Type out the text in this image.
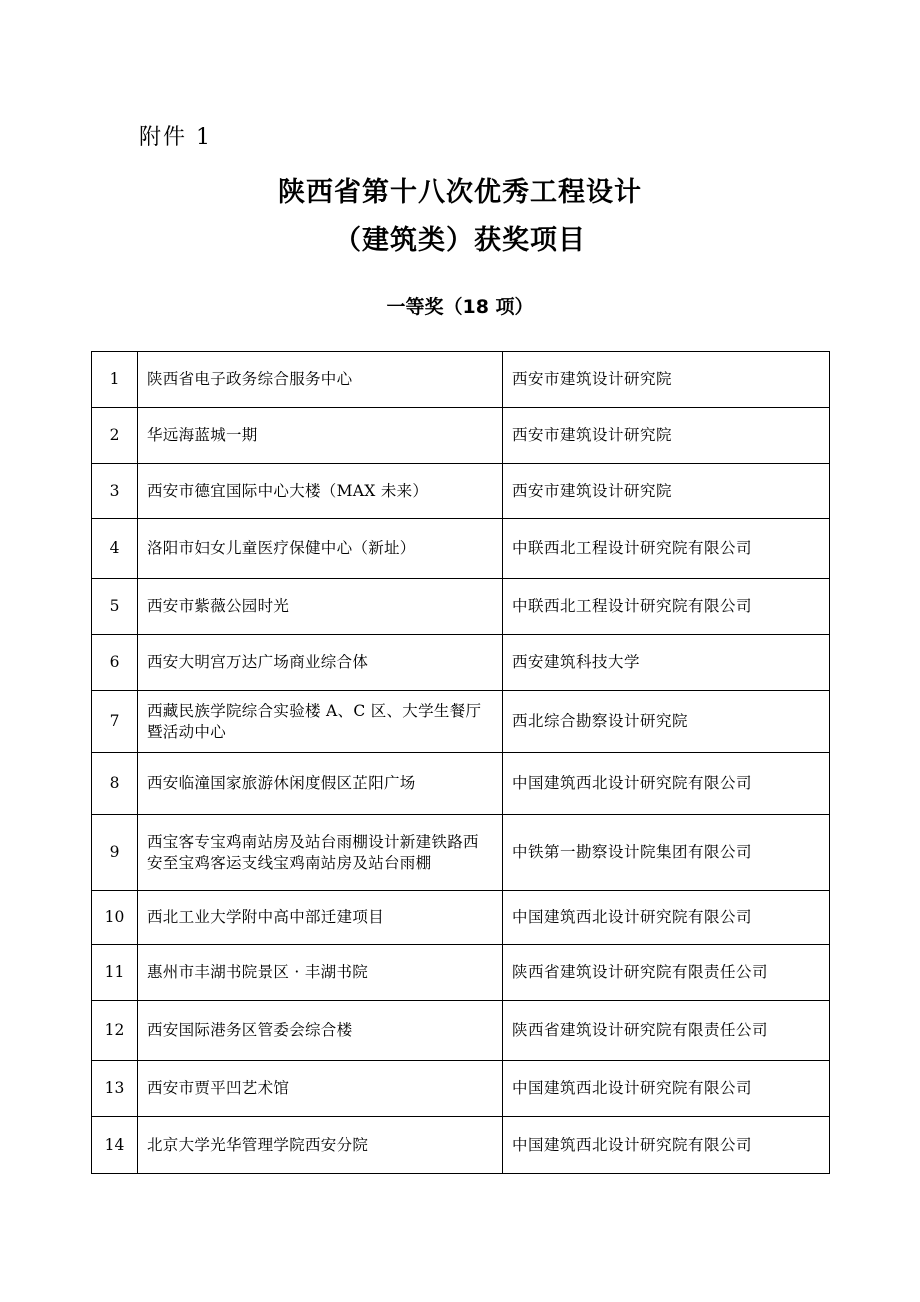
附件 1
陕西省第十八次优秀工程设计
（建筑类）获奖项目
一等奖（18 项）
1	陕西省电子政务综合服务中心	西安市建筑设计研究院
2	华远海蓝城一期	西安市建筑设计研究院
3	西安市德宜国际中心大楼（MAX 未来）	西安市建筑设计研究院
4	洛阳市妇女儿童医疗保健中心（新址）	中联西北工程设计研究院有限公司
5	西安市紫薇公园时光	中联西北工程设计研究院有限公司
6	西安大明宫万达广场商业综合体	西安建筑科技大学
7	西藏民族学院综合实验楼 A、C 区、大学生餐厅暨活动中心	西北综合勘察设计研究院
8	西安临潼国家旅游休闲度假区芷阳广场	中国建筑西北设计研究院有限公司
9	西宝客专宝鸡南站房及站台雨棚设计新建铁路西安至宝鸡客运支线宝鸡南站房及站台雨棚	中铁第一勘察设计院集团有限公司
10	西北工业大学附中高中部迁建项目	中国建筑西北设计研究院有限公司
11	惠州市丰湖书院景区 · 丰湖书院	陕西省建筑设计研究院有限责任公司
12	西安国际港务区管委会综合楼	陕西省建筑设计研究院有限责任公司
13	西安市贾平凹艺术馆	中国建筑西北设计研究院有限公司
14	北京大学光华管理学院西安分院	中国建筑西北设计研究院有限公司
